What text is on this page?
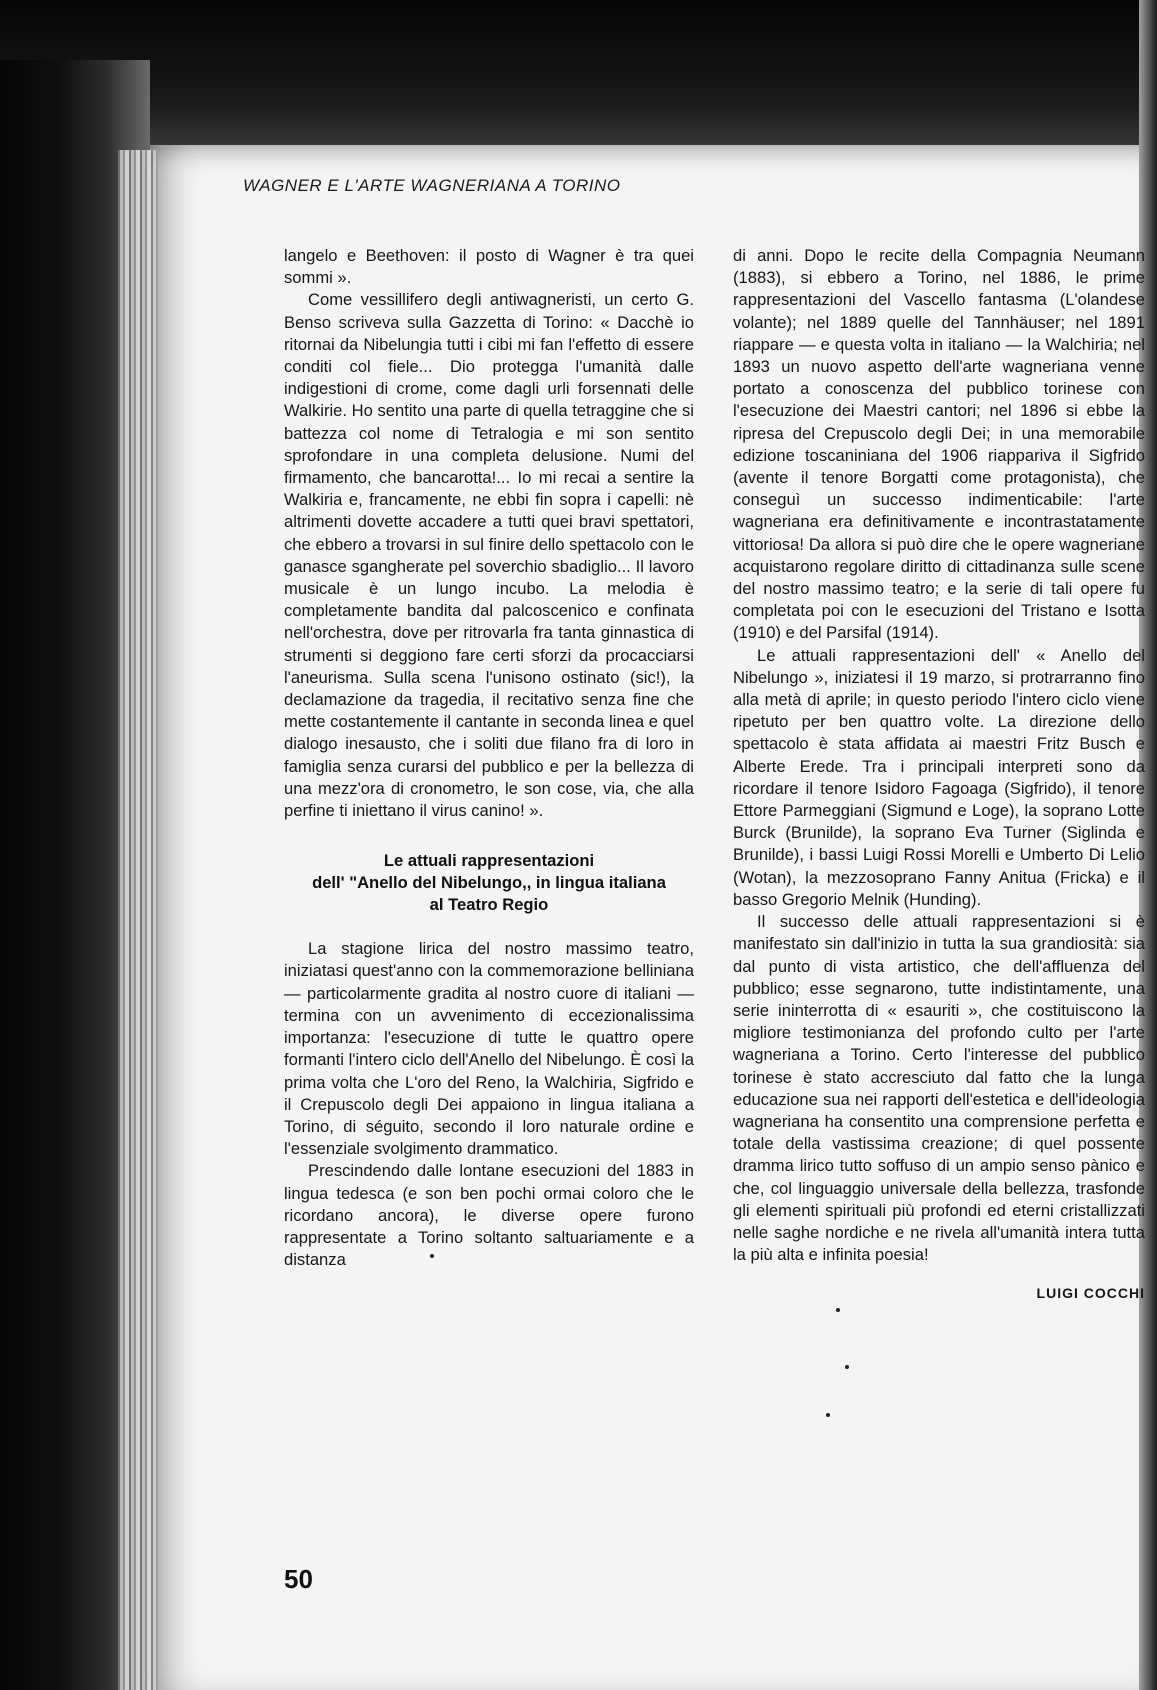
WAGNER E L'ARTE WAGNERIANA A TORINO

langelo e Beethoven: il posto di Wagner è tra quei sommi ».

Come vessillifero degli antiwagneristi, un certo G. Benso scriveva sulla Gazzetta di Torino: « Dacchè io ritornai da Nibelungia tutti i cibi mi fan l'effetto di essere conditi col fiele... Dio protegga l'umanità dalle indigestioni di crome, come dagli urli forsennati delle Walkirie. Ho sentito una parte di quella tetraggine che si battezza col nome di Tetralogia e mi son sentito sprofondare in una completa delusione. Numi del firmamento, che bancarotta!... Io mi recai a sentire la Walkiria e, francamente, ne ebbi fin sopra i capelli: nè altrimenti dovette accadere a tutti quei bravi spettatori, che ebbero a trovarsi in sul finire dello spettacolo con le ganasce sgangherate pel soverchio sbadiglio... Il lavoro musicale è un lungo incubo. La melodia è completamente bandita dal palcoscenico e confinata nell'orchestra, dove per ritrovarla fra tanta ginnastica di strumenti si deggiono fare certi sforzi da procacciarsi l'aneurisma. Sulla scena l'unisono ostinato (sic!), la declamazione da tragedia, il recitativo senza fine che mette costantemente il cantante in seconda linea e quel dialogo inesausto, che i soliti due filano fra di loro in famiglia senza curarsi del pubblico e per la bellezza di una mezz'ora di cronometro, le son cose, via, che alla perfine ti iniettano il virus canino! ».

Le attuali rappresentazioni
dell' "Anello del Nibelungo,, in lingua italiana
al Teatro Regio

La stagione lirica del nostro massimo teatro, iniziatasi quest'anno con la commemorazione belliniana — particolarmente gradita al nostro cuore di italiani — termina con un avvenimento di eccezionalissima importanza: l'esecuzione di tutte le quattro opere formanti l'intero ciclo dell'Anello del Nibelungo. È così la prima volta che L'oro del Reno, la Walchiria, Sigfrido e il Crepuscolo degli Dei appaiono in lingua italiana a Torino, di séguito, secondo il loro naturale ordine e l'essenziale svolgimento drammatico.

Prescindendo dalle lontane esecuzioni del 1883 in lingua tedesca (e son ben pochi ormai coloro che le ricordano ancora), le diverse opere furono rappresentate a Torino soltanto saltuariamente e a distanza

di anni. Dopo le recite della Compagnia Neumann (1883), si ebbero a Torino, nel 1886, le prime rappresentazioni del Vascello fantasma (L'olandese volante); nel 1889 quelle del Tannhäuser; nel 1891 riappare — e questa volta in italiano — la Walchiria; nel 1893 un nuovo aspetto dell'arte wagneriana venne portato a conoscenza del pubblico torinese con l'esecuzione dei Maestri cantori; nel 1896 si ebbe la ripresa del Crepuscolo degli Dei; in una memorabile edizione toscaniniana del 1906 riappariva il Sigfrido (avente il tenore Borgatti come protagonista), che conseguì un successo indimenticabile: l'arte wagneriana era definitivamente e incontrastatamente vittoriosa! Da allora si può dire che le opere wagneriane acquistarono regolare diritto di cittadinanza sulle scene del nostro massimo teatro; e la serie di tali opere fu completata poi con le esecuzioni del Tristano e Isotta (1910) e del Parsifal (1914).

Le attuali rappresentazioni dell' « Anello del Nibelungo », iniziatesi il 19 marzo, si protrarranno fino alla metà di aprile; in questo periodo l'intero ciclo viene ripetuto per ben quattro volte. La direzione dello spettacolo è stata affidata ai maestri Fritz Busch e Alberte Erede. Tra i principali interpreti sono da ricordare il tenore Isidoro Fagoaga (Sigfrido), il tenore Ettore Parmeggiani (Sigmund e Loge), la soprano Lotte Burck (Brunilde), la soprano Eva Turner (Siglinda e Brunilde), i bassi Luigi Rossi Morelli e Umberto Di Lelio (Wotan), la mezzosoprano Fanny Anitua (Fricka) e il basso Gregorio Melnik (Hunding).

Il successo delle attuali rappresentazioni si è manifestato sin dall'inizio in tutta la sua grandiosità: sia dal punto di vista artistico, che dell'affluenza del pubblico; esse segnarono, tutte indistintamente, una serie ininterrotta di « esauriti », che costituiscono la migliore testimonianza del profondo culto per l'arte wagneriana a Torino. Certo l'interesse del pubblico torinese è stato accresciuto dal fatto che la lunga educazione sua nei rapporti dell'estetica e dell'ideologia wagneriana ha consentito una comprensione perfetta e totale della vastissima creazione; di quel possente dramma lirico tutto soffuso di un ampio senso pànico e che, col linguaggio universale della bellezza, trasfonde gli elementi spirituali più profondi ed eterni cristallizzati nelle saghe nordiche e ne rivela all'umanità intera tutta la più alta e infinita poesia!

LUIGI COCCHI
50
